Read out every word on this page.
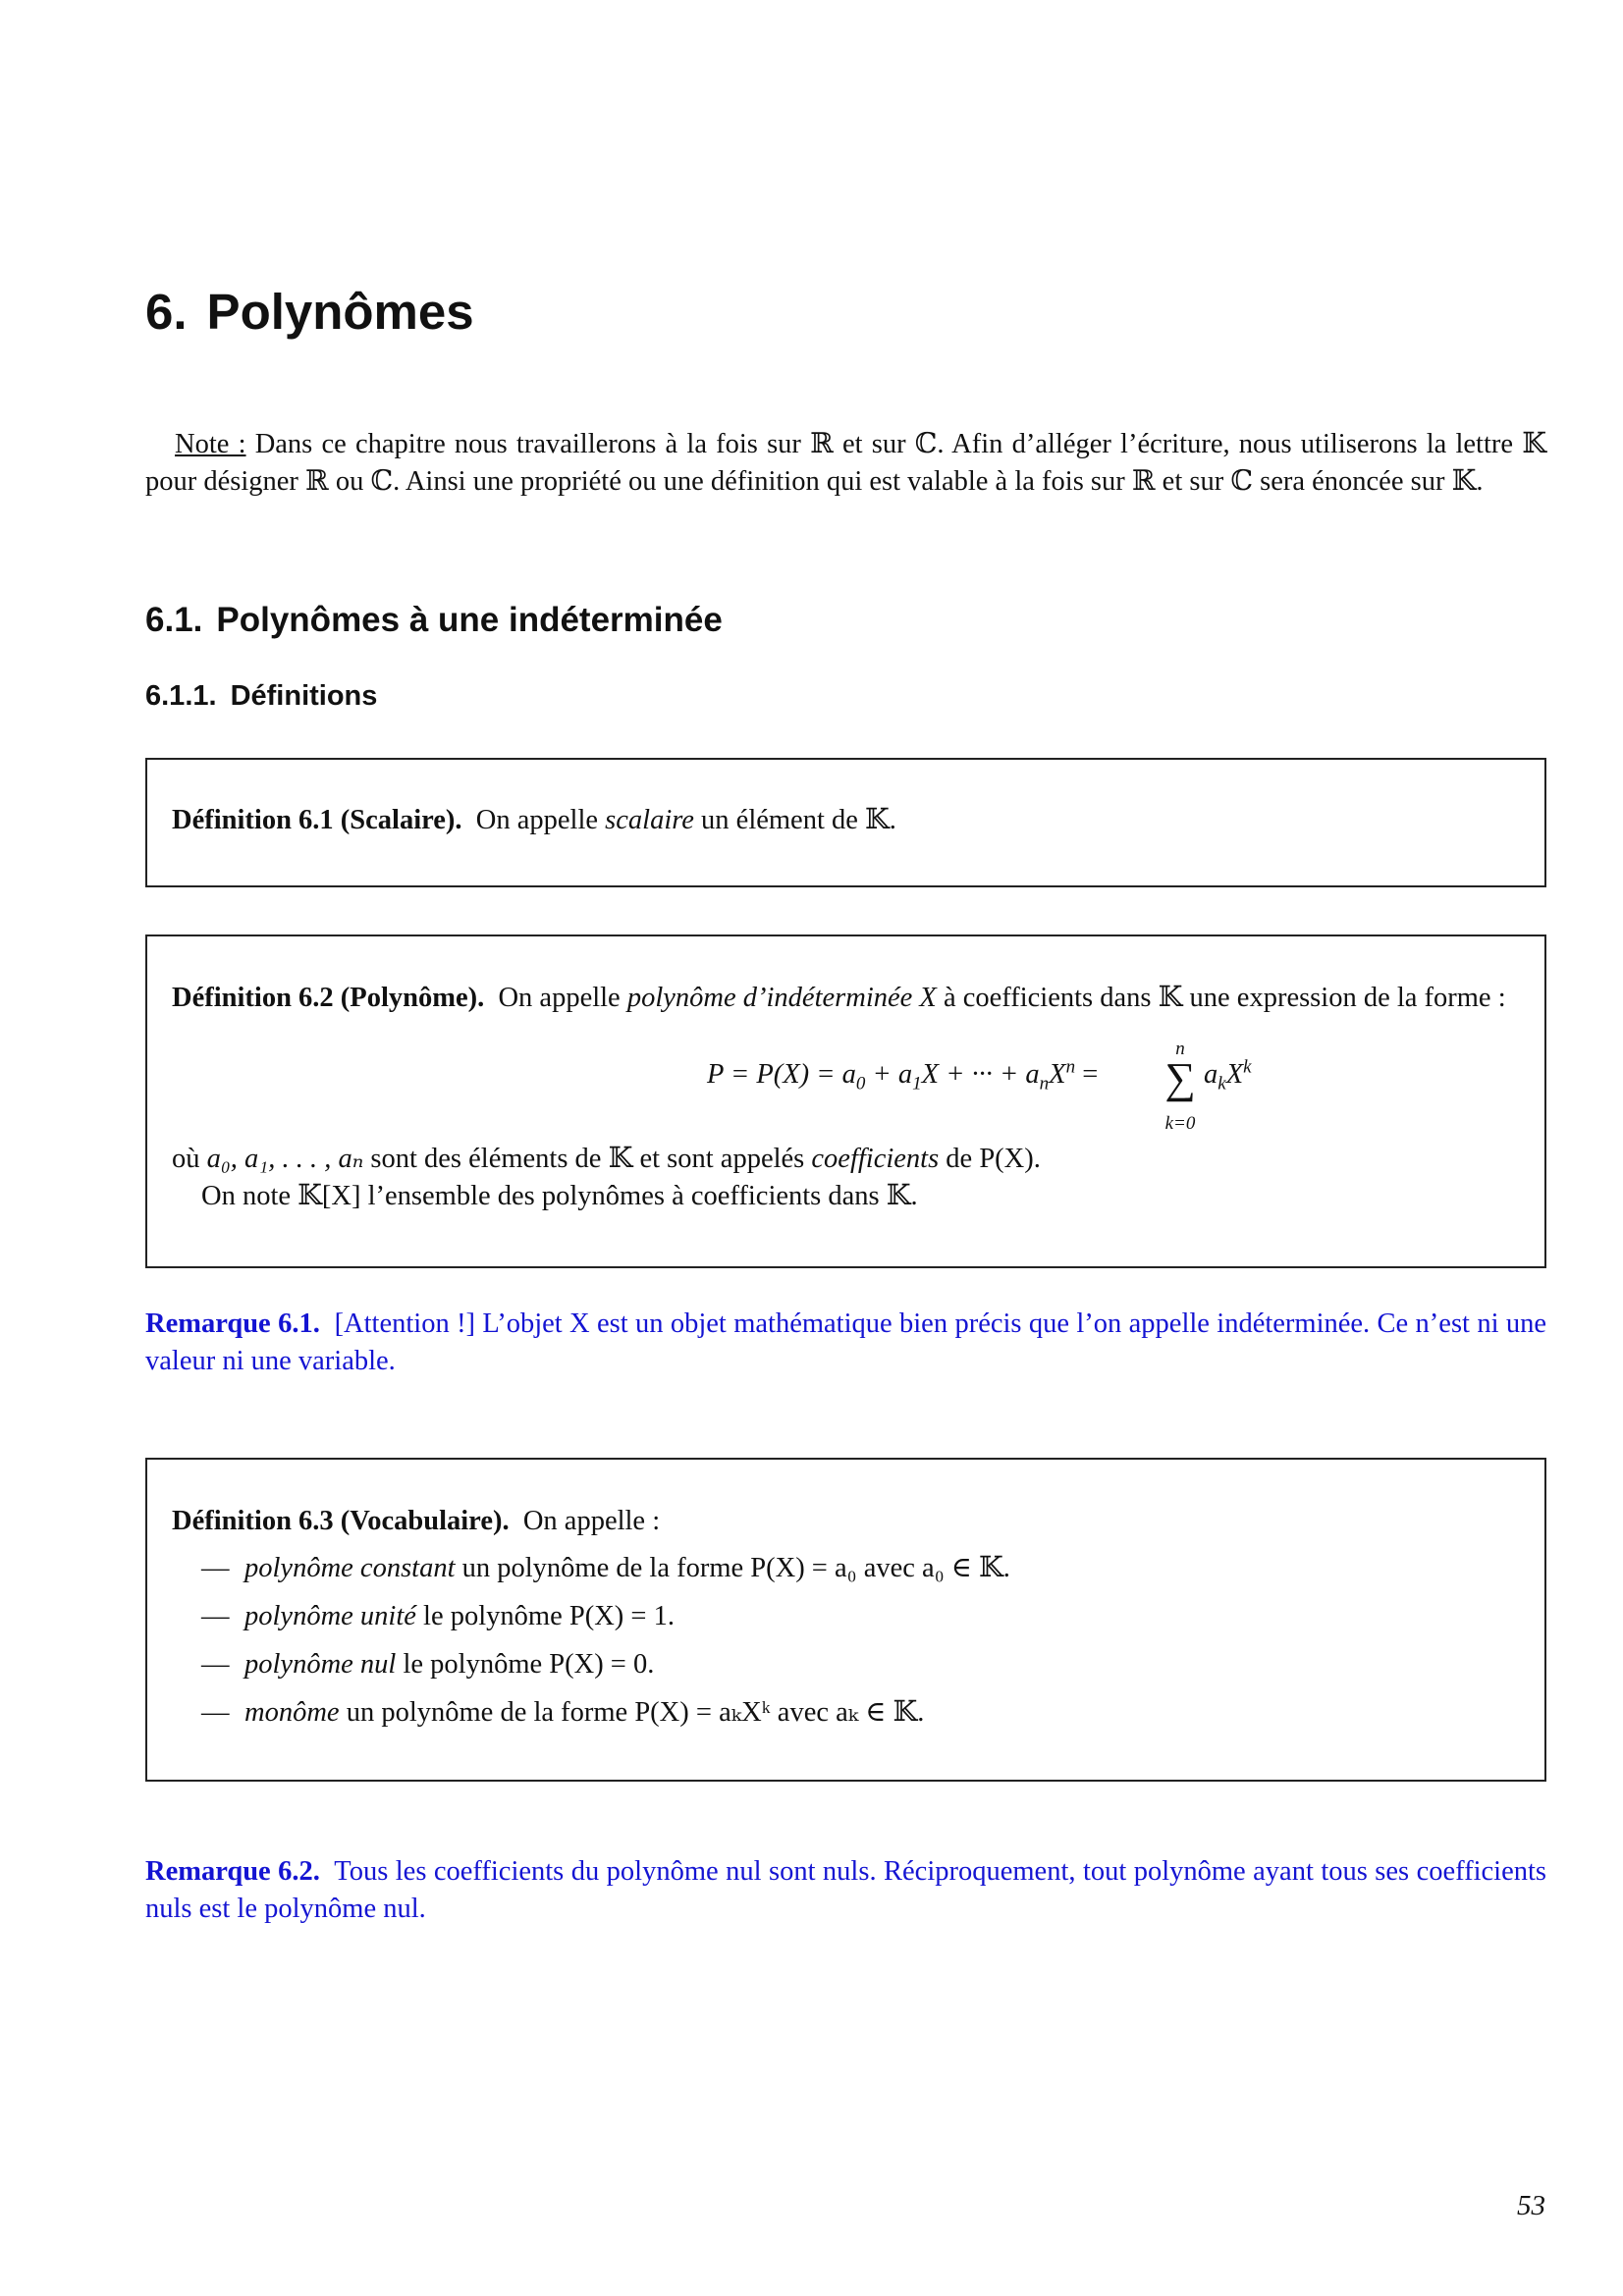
6. Polynômes

Note : Dans ce chapitre nous travaillerons à la fois sur ℝ et sur ℂ. Afin d’alléger l’écriture, nous utiliserons la lettre 𝕂 pour désigner ℝ ou ℂ. Ainsi une propriété ou une définition qui est valable à la fois sur ℝ et sur ℂ sera énoncée sur 𝕂.

6.1. Polynômes à une indéterminée
6.1.1. Définitions
Définition 6.1 (Scalaire). On appelle scalaire un élément de 𝕂.
Définition 6.2 (Polynôme). On appelle polynôme d’indéterminée X à coefficients dans 𝕂 une expression de la forme :
$P = P(X) = a_0 + a_1X$ + ··· + $a_nX^n$ =
n
∑
k=0
$a_kX^k$
où a₀, a₁, . . . , aₙ sont des éléments de 𝕂 et sont appelés coefficients de P(X).
On note 𝕂[X] l’ensemble des polynômes à coefficients dans 𝕂.

Remarque 6.1. [Attention !] L’objet X est un objet mathématique bien précis que l’on appelle indéterminée. Ce n’est ni une valeur ni une variable.

Définition 6.3 (Vocabulaire). On appelle :
— polynôme constant un polynôme de la forme P(X) = a₀ avec a₀ ∈ 𝕂.
— polynôme unité le polynôme P(X) = 1.
— polynôme nul le polynôme P(X) = 0.
— monôme un polynôme de la forme P(X) = aₖXᵏ avec aₖ ∈ 𝕂.

Remarque 6.2. Tous les coefficients du polynôme nul sont nuls. Réciproquement, tout polynôme ayant tous ses coefficients nuls est le polynôme nul.

53
